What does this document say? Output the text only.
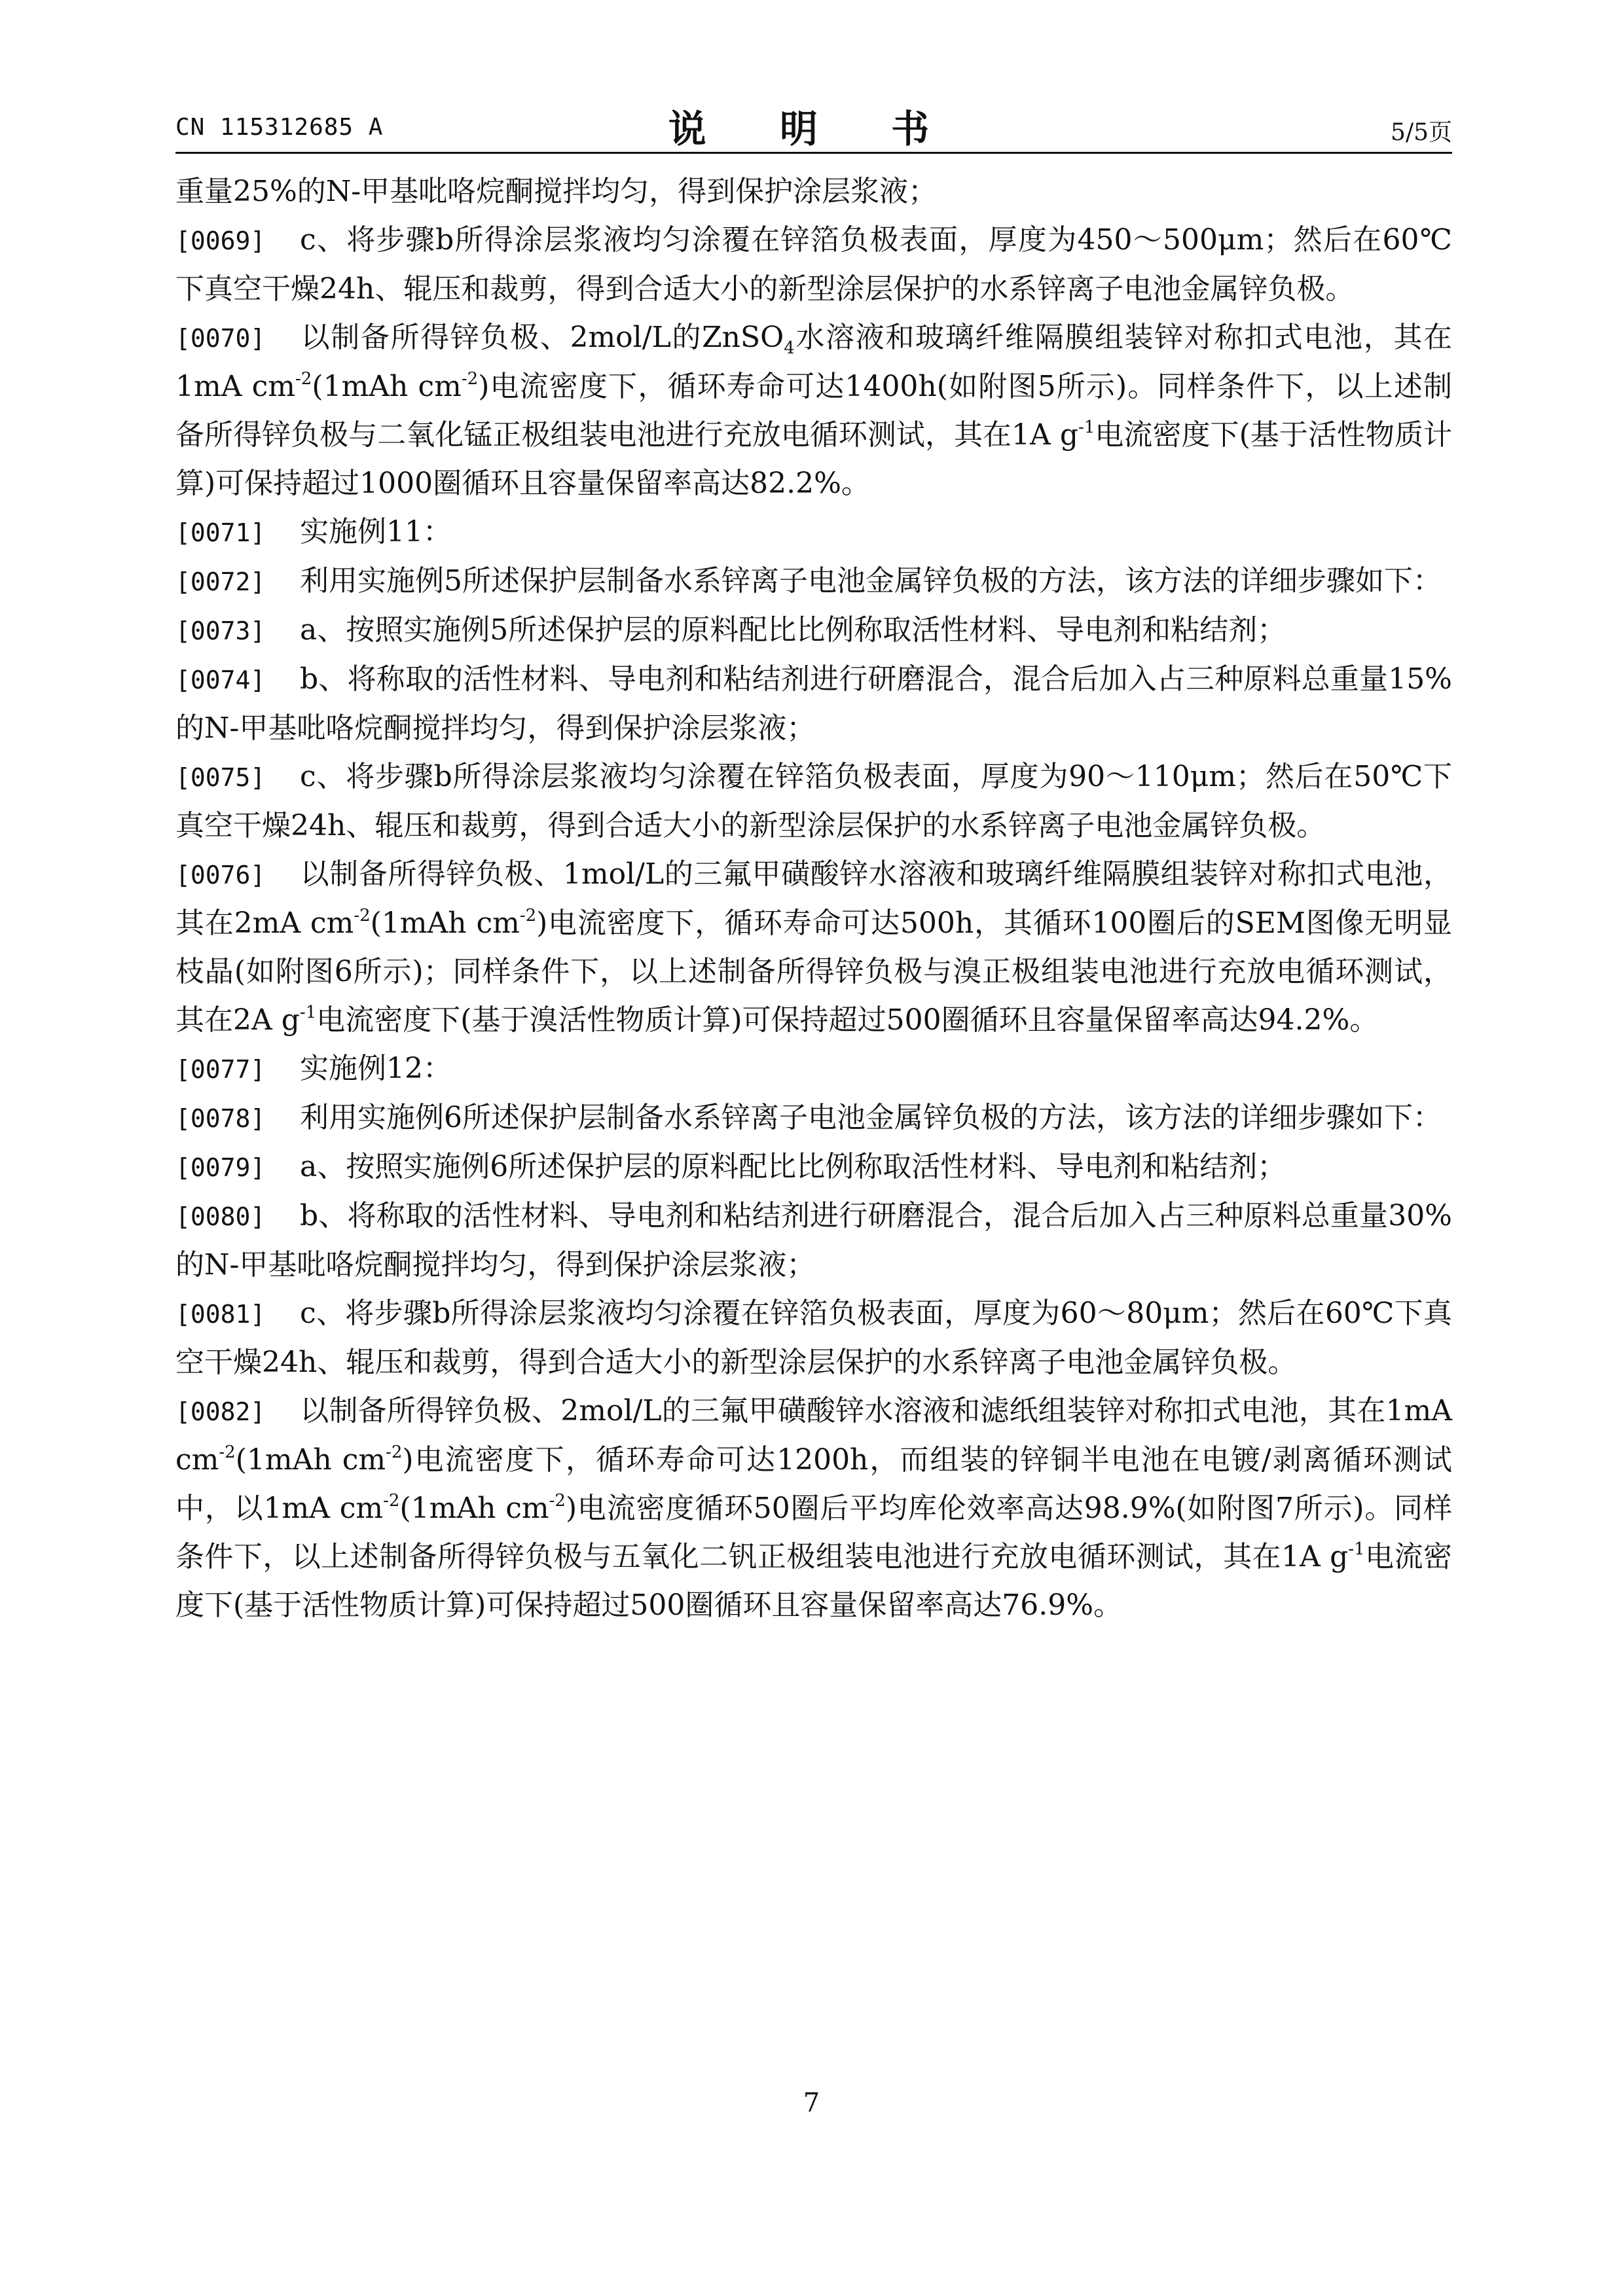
CN 115312685 A	说 明 书	5/5页

重量25%的N-甲基吡咯烷酮搅拌均匀，得到保护涂层浆液；

[0069] c、将步骤b所得涂层浆液均匀涂覆在锌箔负极表面，厚度为450～500μm；然后在60℃下真空干燥24h、辊压和裁剪，得到合适大小的新型涂层保护的水系锌离子电池金属锌负极。

[0070] 以制备所得锌负极、2mol/L的ZnSO$_4$水溶液和玻璃纤维隔膜组装锌对称扣式电池，其在1mA $cm^{-2}(1mAh$ $cm^{-2}$)电流密度下，循环寿命可达1400h(如附图5所示)。同样条件下，以上述制备所得锌负极与二氧化锰正极组装电池进行充放电循环测试，其在1A $g^{-1}$电流密度下(基于活性物质计算)可保持超过1000圈循环且容量保留率高达82.2%。

[0071] 实施例11：

[0072] 利用实施例5所述保护层制备水系锌离子电池金属锌负极的方法，该方法的详细步骤如下：

[0073] a、按照实施例5所述保护层的原料配比比例称取活性材料、导电剂和粘结剂；

[0074] b、将称取的活性材料、导电剂和粘结剂进行研磨混合，混合后加入占三种原料总重量15%的N-甲基吡咯烷酮搅拌均匀，得到保护涂层浆液；

[0075] c、将步骤b所得涂层浆液均匀涂覆在锌箔负极表面，厚度为90～110μm；然后在50℃下真空干燥24h、辊压和裁剪，得到合适大小的新型涂层保护的水系锌离子电池金属锌负极。

[0076] 以制备所得锌负极、1mol/L的三氟甲磺酸锌水溶液和玻璃纤维隔膜组装锌对称扣式电池，其在2mA $cm^{-2}(1mAh$ $cm^{-2}$)电流密度下，循环寿命可达500h，其循环100圈后的SEM图像无明显枝晶(如附图6所示)；同样条件下，以上述制备所得锌负极与溴正极组装电池进行充放电循环测试，其在2A $g^{-1}$电流密度下(基于溴活性物质计算)可保持超过500圈循环且容量保留率高达94.2%。

[0077] 实施例12：

[0078] 利用实施例6所述保护层制备水系锌离子电池金属锌负极的方法，该方法的详细步骤如下：

[0079] a、按照实施例6所述保护层的原料配比比例称取活性材料、导电剂和粘结剂；

[0080] b、将称取的活性材料、导电剂和粘结剂进行研磨混合，混合后加入占三种原料总重量30%的N-甲基吡咯烷酮搅拌均匀，得到保护涂层浆液；

[0081] c、将步骤b所得涂层浆液均匀涂覆在锌箔负极表面，厚度为60～80μm；然后在60℃下真空干燥24h、辊压和裁剪，得到合适大小的新型涂层保护的水系锌离子电池金属锌负极。

[0082] 以制备所得锌负极、2mol/L的三氟甲磺酸锌水溶液和滤纸组装锌对称扣式电池，其在1mA $cm^{-2}(1mAh$ $cm^{-2}$)电流密度下，循环寿命可达1200h，而组装的锌铜半电池在电镀/剥离循环测试中，以1mA $cm^{-2}(1mAh$ $cm^{-2}$)电流密度循环50圈后平均库伦效率高达98.9%(如附图7所示)。同样条件下，以上述制备所得锌负极与五氧化二钒正极组装电池进行充放电循环测试，其在1A $g^{-1}$电流密度下(基于活性物质计算)可保持超过500圈循环且容量保留率高达76.9%。

7
